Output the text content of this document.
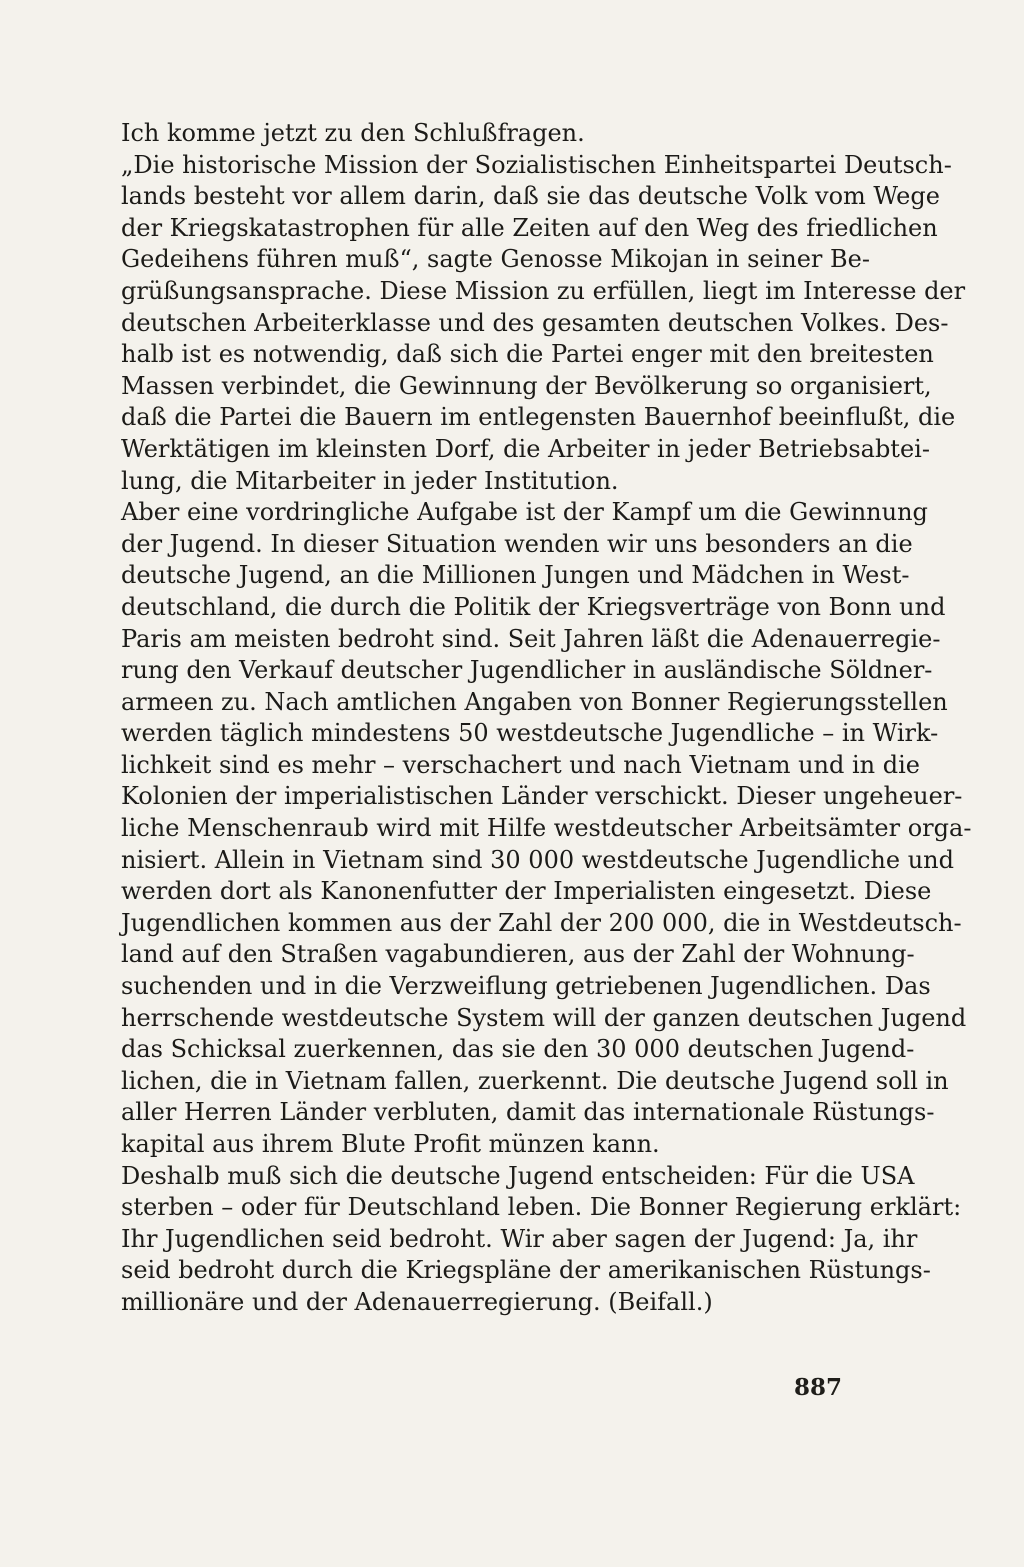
Ich komme jetzt zu den Schlußfragen.

„Die historische Mission der Sozialistischen Einheitspartei Deutsch-
lands besteht vor allem darin, daß sie das deutsche Volk vom Wege
der Kriegskatastrophen für alle Zeiten auf den Weg des friedlichen
Gedeihens führen muß“, sagte Genosse Mikojan in seiner Be-
grüßungsansprache. Diese Mission zu erfüllen, liegt im Interesse der
deutschen Arbeiterklasse und des gesamten deutschen Volkes. Des-
halb ist es notwendig, daß sich die Partei enger mit den breitesten
Massen verbindet, die Gewinnung der Bevölkerung so organisiert,
daß die Partei die Bauern im entlegensten Bauernhof beeinflußt, die
Werktätigen im kleinsten Dorf, die Arbeiter in jeder Betriebsabtei-
lung, die Mitarbeiter in jeder Institution.

Aber eine vordringliche Aufgabe ist der Kampf um die Gewinnung
der Jugend. In dieser Situation wenden wir uns besonders an die
deutsche Jugend, an die Millionen Jungen und Mädchen in West-
deutschland, die durch die Politik der Kriegsverträge von Bonn und
Paris am meisten bedroht sind. Seit Jahren läßt die Adenauerregie-
rung den Verkauf deutscher Jugendlicher in ausländische Söldner-
armeen zu. Nach amtlichen Angaben von Bonner Regierungsstellen
werden täglich mindestens 50 westdeutsche Jugendliche – in Wirk-
lichkeit sind es mehr – verschachert und nach Vietnam und in die
Kolonien der imperialistischen Länder verschickt. Dieser ungeheuer-
liche Menschenraub wird mit Hilfe westdeutscher Arbeitsämter orga-
nisiert. Allein in Vietnam sind 30 000 westdeutsche Jugendliche und
werden dort als Kanonenfutter der Imperialisten eingesetzt. Diese
Jugendlichen kommen aus der Zahl der 200 000, die in Westdeutsch-
land auf den Straßen vagabundieren, aus der Zahl der Wohnung-
suchenden und in die Verzweiflung getriebenen Jugendlichen. Das
herrschende westdeutsche System will der ganzen deutschen Jugend
das Schicksal zuerkennen, das sie den 30 000 deutschen Jugend-
lichen, die in Vietnam fallen, zuerkennt. Die deutsche Jugend soll in
aller Herren Länder verbluten, damit das internationale Rüstungs-
kapital aus ihrem Blute Profit münzen kann.

Deshalb muß sich die deutsche Jugend entscheiden: Für die USA
sterben – oder für Deutschland leben. Die Bonner Regierung erklärt:
Ihr Jugendlichen seid bedroht. Wir aber sagen der Jugend: Ja, ihr
seid bedroht durch die Kriegspläne der amerikanischen Rüstungs-
millionäre und der Adenauerregierung. (Beifall.)

887
